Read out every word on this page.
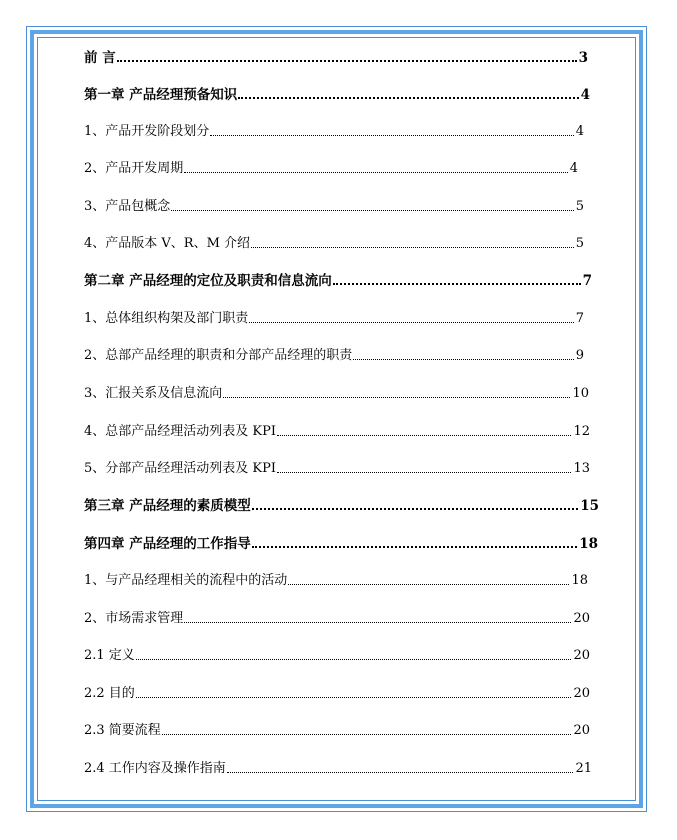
前 言	3
第一章 产品经理预备知识	4
1、产品开发阶段划分	4
2、产品开发周期	4
3、产品包概念	5
4、产品版本 V、R、M 介绍	5
第二章 产品经理的定位及职责和信息流向	7
1、总体组织构架及部门职责	7
2、总部产品经理的职责和分部产品经理的职责	9
3、汇报关系及信息流向	10
4、总部产品经理活动列表及 KPI	12
5、分部产品经理活动列表及 KPI	13
第三章 产品经理的素质模型	15
第四章 产品经理的工作指导	18
1、与产品经理相关的流程中的活动	18
2、市场需求管理	20
2.1 定义	20
2.2 目的	20
2.3 简要流程	20
2.4 工作内容及操作指南	21
